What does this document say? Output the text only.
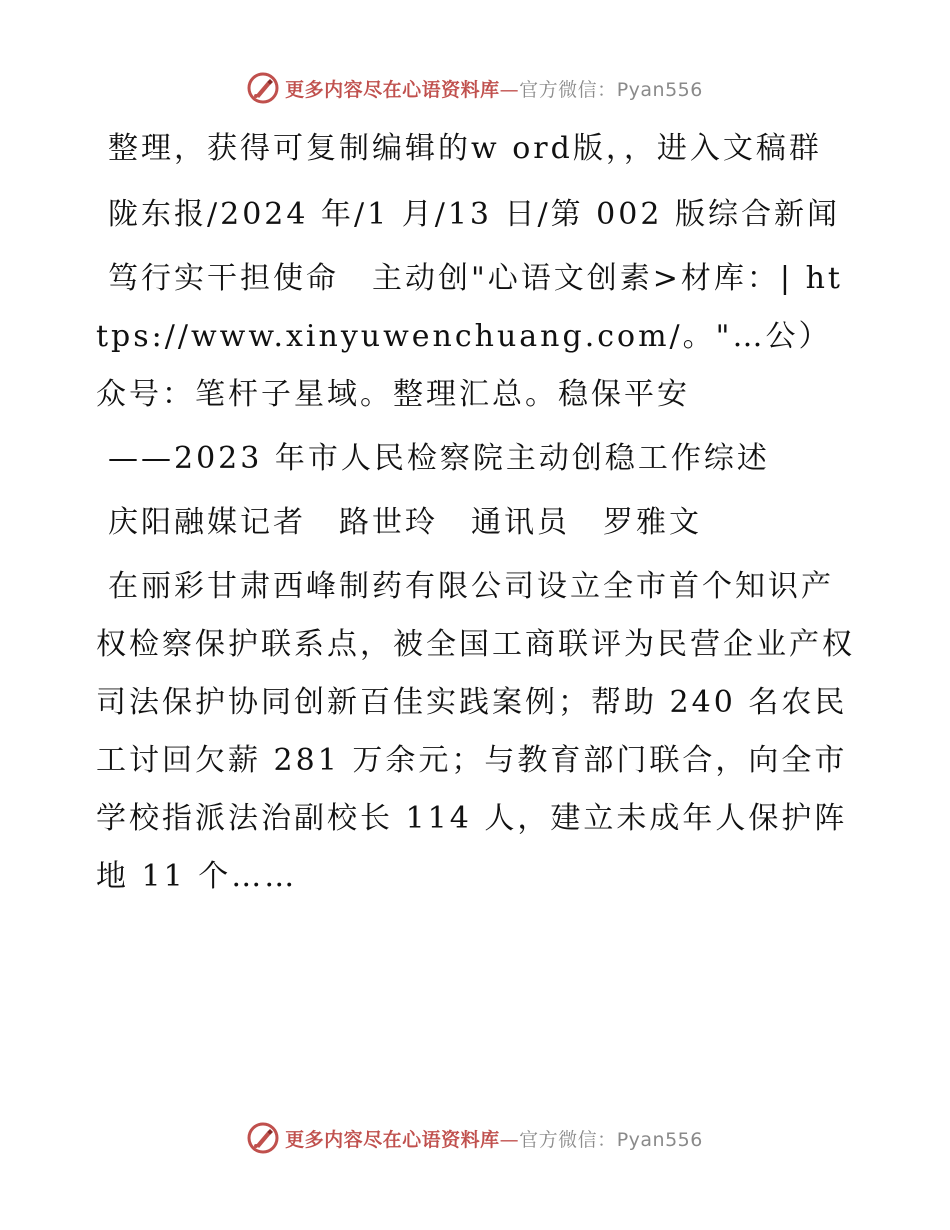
更多内容尽在心语资料库—官方微信：Pyan556

整理，获得可复制编辑的w ord版，，进入文稿群

陇东报/2024 年/1 月/13 日/第 002 版综合新闻

笃行实干担使命　主动创"心语文创素>材库：| https://www.xinyuwenchuang.com/。"…公）众号：笔杆子星域。整理汇总。稳保平安

——2023 年市人民检察院主动创稳工作综述

庆阳融媒记者　路世玲　通讯员　罗雅文

在丽彩甘肃西峰制药有限公司设立全市首个知识产权检察保护联系点，被全国工商联评为民营企业产权司法保护协同创新百佳实践案例；帮助 240 名农民工讨回欠薪 281 万余元；与教育部门联合，向全市学校指派法治副校长 114 人，建立未成年人保护阵地 11 个……

更多内容尽在心语资料库—官方微信：Pyan556
